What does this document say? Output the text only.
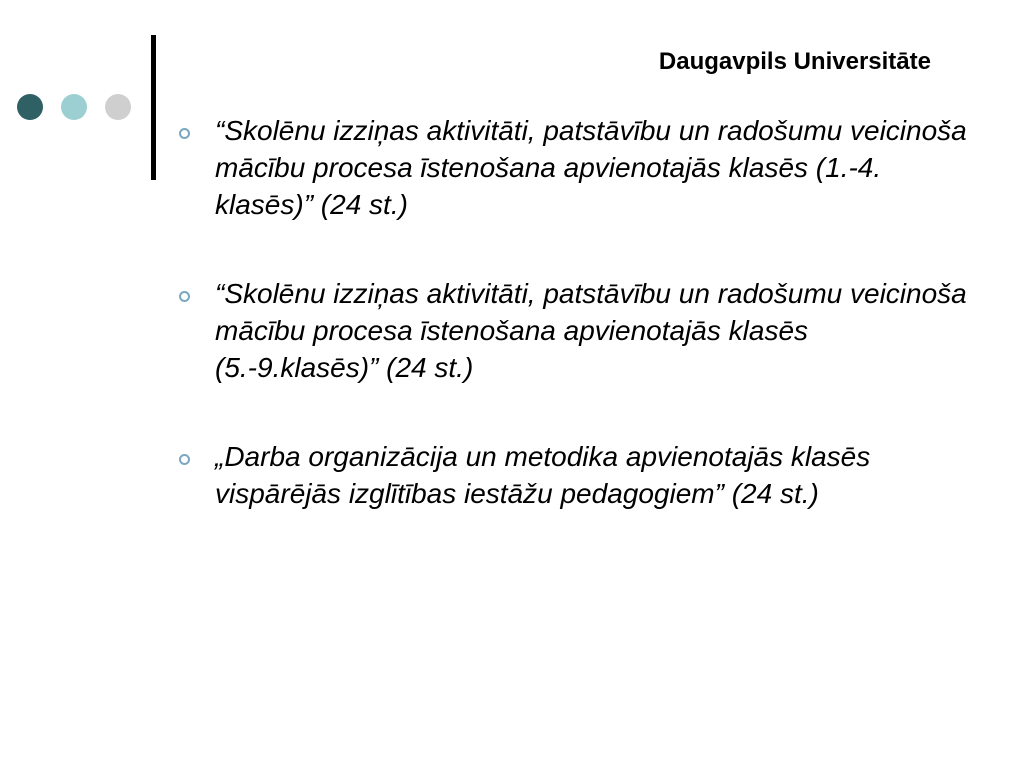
Daugavpils Universitāte
“Skolēnu izziņas aktivitāti, patstāvību un radošumu veicinoša mācību procesa īstenošana apvienotajās klasēs (1.-4. klasēs)” (24 st.)
“Skolēnu izziņas aktivitāti, patstāvību un radošumu veicinoša mācību procesa īstenošana apvienotajās klasēs (5.-9.klasēs)” (24 st.)
„Darba organizācija un metodika apvienotajās klasēs vispārējās izglītības iestāžu pedagogiem” (24 st.)
